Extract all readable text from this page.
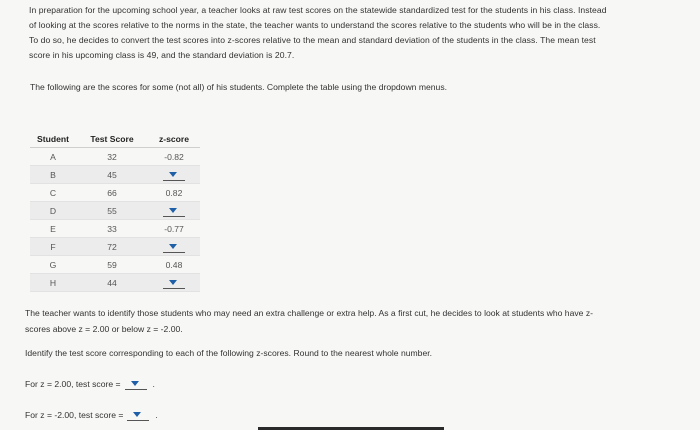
In preparation for the upcoming school year, a teacher looks at raw test scores on the statewide standardized test for the students in his class. Instead

of looking at the scores relative to the norms in the state, the teacher wants to understand the scores relative to the students who will be in the class.

To do so, he decides to convert the test scores into z-scores relative to the mean and standard deviation of the students in the class. The mean test

score in his upcoming class is 49, and the standard deviation is 20.7.

The following are the scores for some (not all) of his students. Complete the table using the dropdown menus.
Student	Test Score	z-score
A	32	-0.82
B	45	

C	66	0.82
D	55	

E	33	-0.77
F	72	

G	59	0.48
H	44	

The teacher wants to identify those students who may need an extra challenge or extra help. As a first cut, he decides to look at students who have z-

scores above z = 2.00 or below z = -2.00.

Identify the test score corresponding to each of the following z-scores. Round to the nearest whole number.
For z = 2.00, test score =	.
For z = -2.00, test score =	.
